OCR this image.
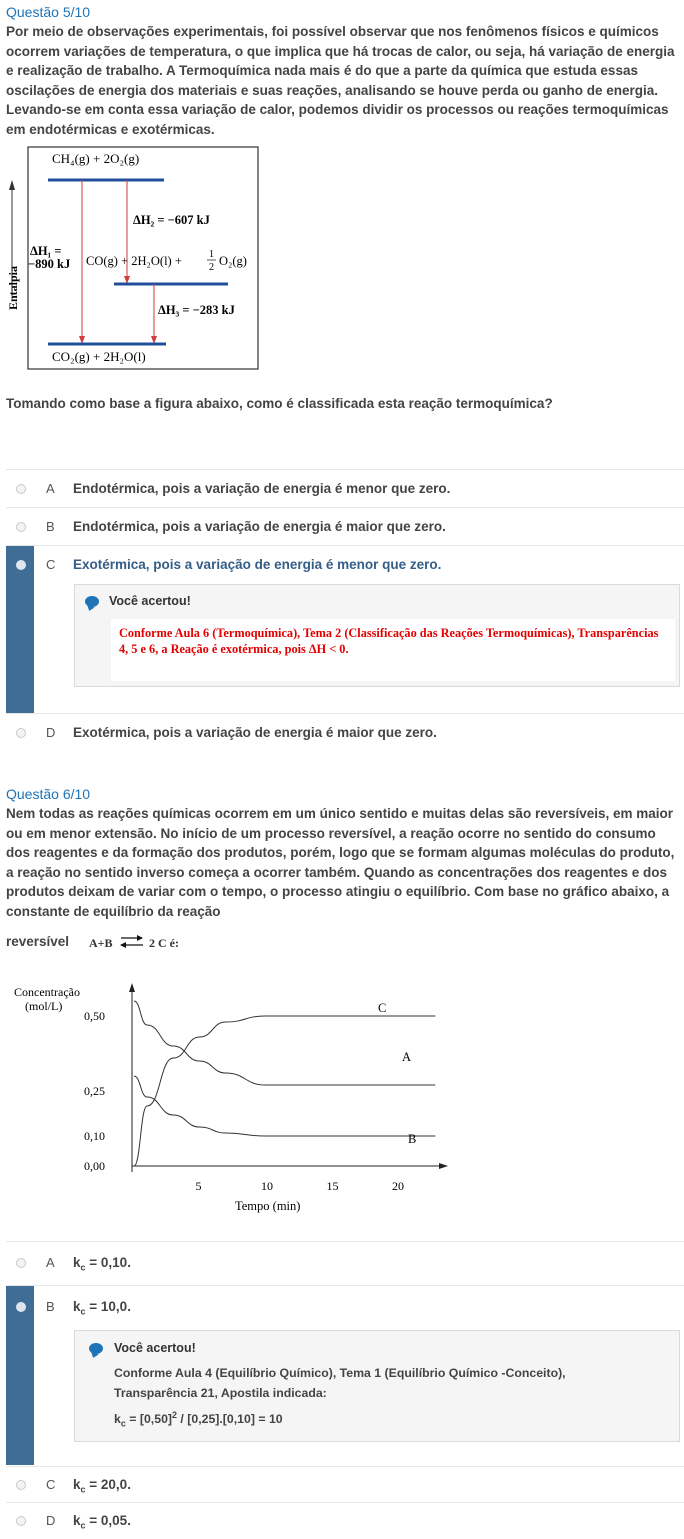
Questão 5/10
Por meio de observações experimentais, foi possível observar que nos fenômenos físicos e químicos ocorrem variações de temperatura, o que implica que há trocas de calor, ou seja, há variação de energia e realização de trabalho. A Termoquímica nada mais é do que a parte da química que estuda essas oscilações de energia dos materiais e suas reações, analisando se houve perda ou ganho de energia. Levando-se em conta essa variação de calor, podemos dividir os processos ou reações termoquímicas em endotérmicas e exotérmicas.
Entalpia
CH₄(g) + 2O₂(g)
ΔH₂ = −607 kJ
ΔH₁ =
−890 kJ CO(g) + 2H₂O(l) +	1
2 O₂(g)
ΔH₃ = −283 kJ
CO₂(g) + 2H₂O(l)
Tomando como base a figura abaixo, como é classificada esta reação termoquímica?
A Endotérmica, pois a variação de energia é menor que zero.
B Endotérmica, pois a variação de energia é maior que zero.
C Exotérmica, pois a variação de energia é menor que zero.
Você acertou!
Conforme Aula 6 (Termoquímica), Tema 2 (Classificação das Reações Termoquímicas), Transparências 4, 5 e 6, a Reação é exotérmica, pois ΔH < 0.
D Exotérmica, pois a variação de energia é maior que zero.
Questão 6/10
Nem todas as reações químicas ocorrem em um único sentido e muitas delas são reversíveis, em maior ou em menor extensão. No início de um processo reversível, a reação ocorre no sentido do consumo dos reagentes e da formação dos produtos, porém, logo que se formam algumas moléculas do produto, a reação no sentido inverso começa a ocorrer também. Quando as concentrações dos reagentes e dos produtos deixam de variar com o tempo, o processo atingiu o equilíbrio. Com base no gráfico abaixo, a constante de equilíbrio da reação
reversível	A+B ⇌ 2 C é:
Concentração
(mol/L)
0,50
0,25
0,10
0,00
5	10	15	20
Tempo (min)
C
A
B
A $k_c = 0,10$.
B $k_c = 10,0$.
Você acertou!
Conforme Aula 4 (Equilíbrio Químico), Tema 1 (Equilíbrio Químico -Conceito),
Transparência 21, Apostila indicada:
$k_c = [0,50]^2 / [0,25].[0,10] = 10$
C $k_c = 20,0$.
D $k_c = 0,05$.
